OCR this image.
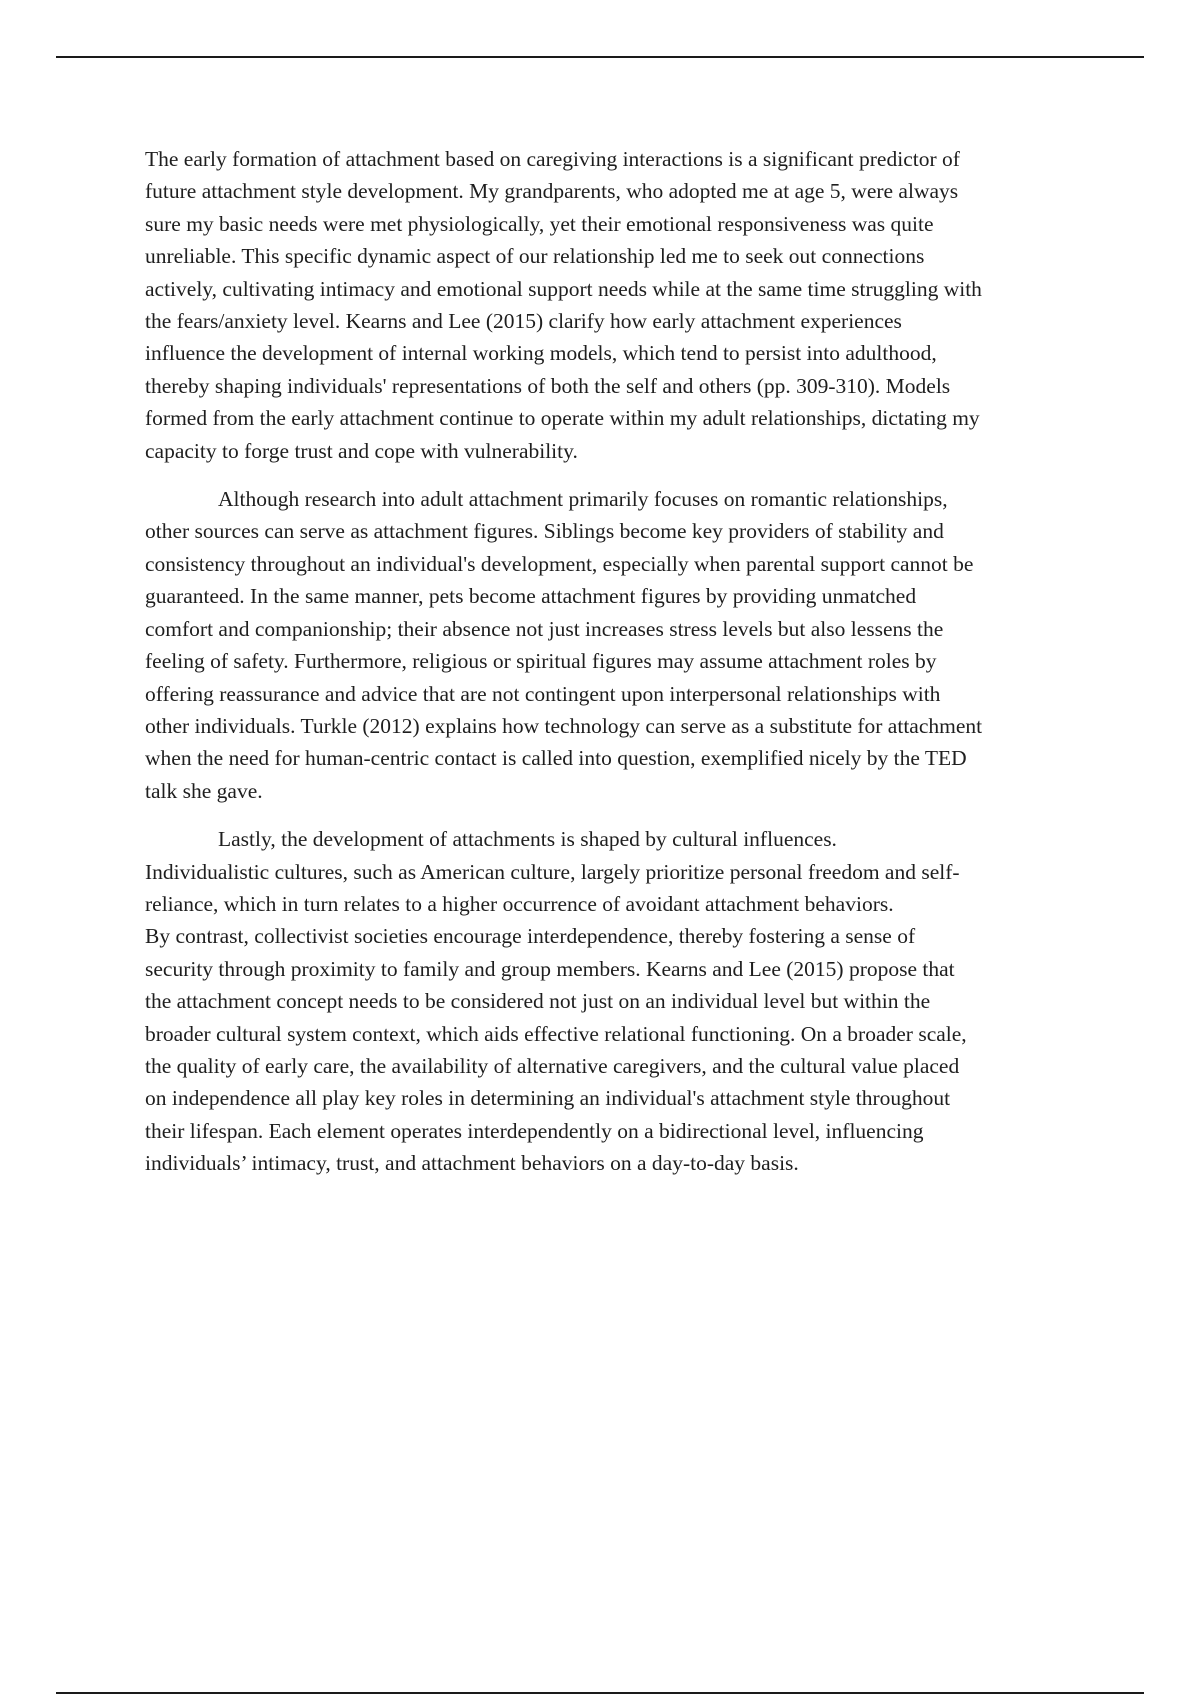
The early formation of attachment based on caregiving interactions is a significant predictor of
future attachment style development. My grandparents, who adopted me at age 5, were always
sure my basic needs were met physiologically, yet their emotional responsiveness was quite
unreliable. This specific dynamic aspect of our relationship led me to seek out connections
actively, cultivating intimacy and emotional support needs while at the same time struggling with
the fears/anxiety level. Kearns and Lee (2015) clarify how early attachment experiences
influence the development of internal working models, which tend to persist into adulthood,
thereby shaping individuals' representations of both the self and others (pp. 309-310). Models
formed from the early attachment continue to operate within my adult relationships, dictating my
capacity to forge trust and cope with vulnerability.

Although research into adult attachment primarily focuses on romantic relationships,
other sources can serve as attachment figures. Siblings become key providers of stability and
consistency throughout an individual's development, especially when parental support cannot be
guaranteed. In the same manner, pets become attachment figures by providing unmatched
comfort and companionship; their absence not just increases stress levels but also lessens the
feeling of safety. Furthermore, religious or spiritual figures may assume attachment roles by
offering reassurance and advice that are not contingent upon interpersonal relationships with
other individuals. Turkle (2012) explains how technology can serve as a substitute for attachment
when the need for human-centric contact is called into question, exemplified nicely by the TED
talk she gave.

Lastly, the development of attachments is shaped by cultural influences.
Individualistic cultures, such as American culture, largely prioritize personal freedom and self-
reliance, which in turn relates to a higher occurrence of avoidant attachment behaviors.
By contrast, collectivist societies encourage interdependence, thereby fostering a sense of
security through proximity to family and group members. Kearns and Lee (2015) propose that
the attachment concept needs to be considered not just on an individual level but within the
broader cultural system context, which aids effective relational functioning. On a broader scale,
the quality of early care, the availability of alternative caregivers, and the cultural value placed
on independence all play key roles in determining an individual's attachment style throughout
their lifespan. Each element operates interdependently on a bidirectional level, influencing
individuals’ intimacy, trust, and attachment behaviors on a day-to-day basis.
